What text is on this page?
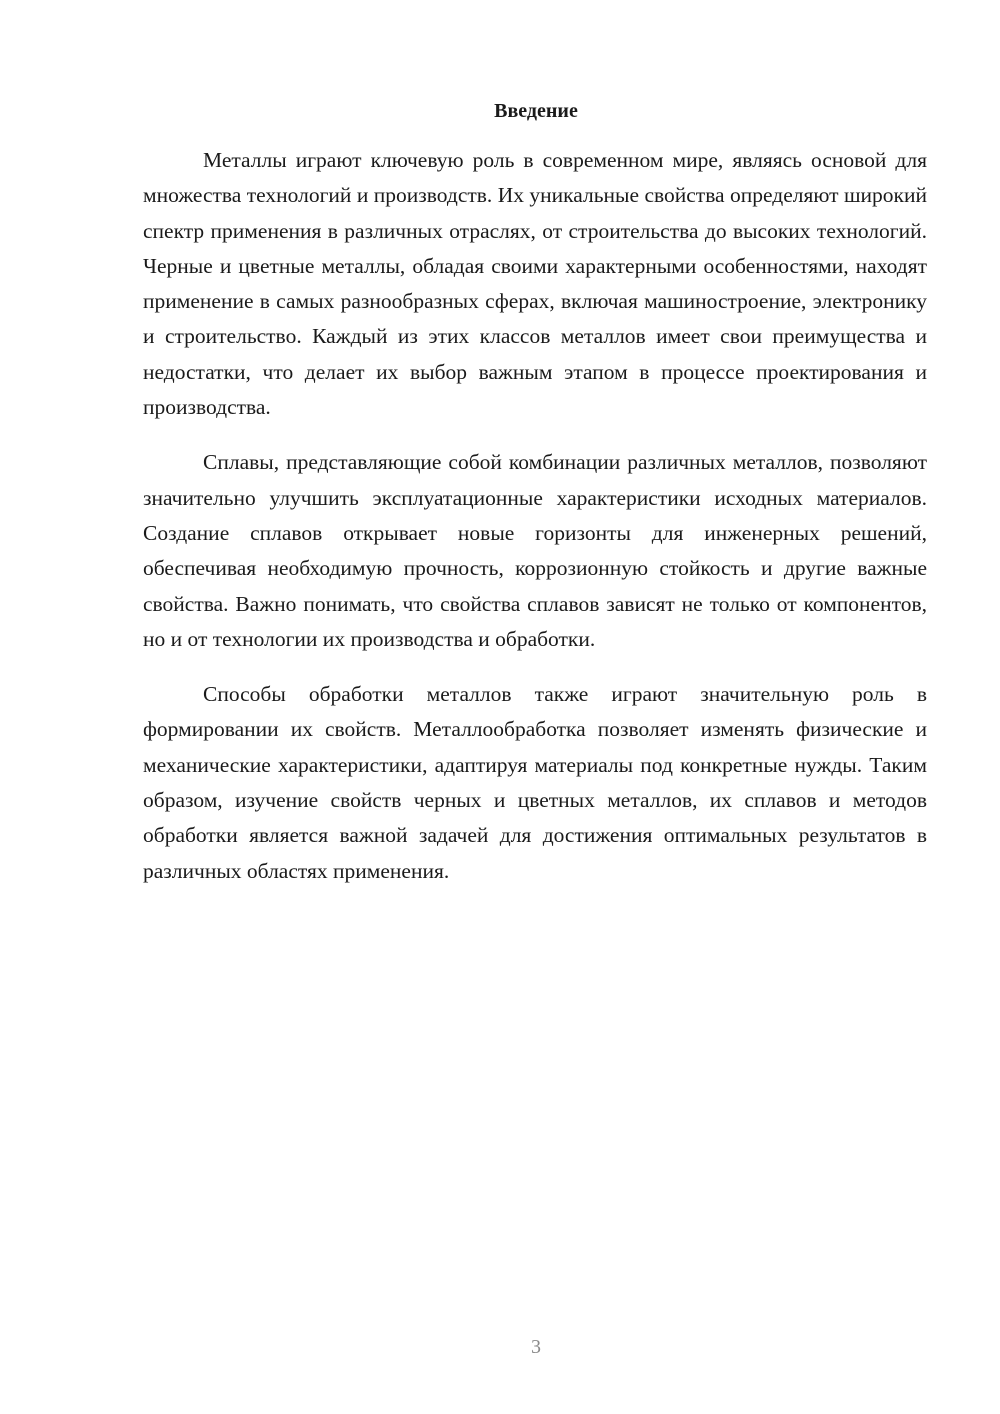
Введение

Металлы играют ключевую роль в современном мире, являясь основой для множества технологий и производств. Их уникальные свойства определяют широкий спектр применения в различных отраслях, от строительства до высоких технологий. Черные и цветные металлы, обладая своими характерными особенностями, находят применение в самых разнообразных сферах, включая машиностроение, электронику и строительство. Каждый из этих классов металлов имеет свои преимущества и недостатки, что делает их выбор важным этапом в процессе проектирования и производства.

Сплавы, представляющие собой комбинации различных металлов, позволяют значительно улучшить эксплуатационные характеристики исходных материалов. Создание сплавов открывает новые горизонты для инженерных решений, обеспечивая необходимую прочность, коррозионную стойкость и другие важные свойства. Важно понимать, что свойства сплавов зависят не только от компонентов, но и от технологии их производства и обработки.

Способы обработки металлов также играют значительную роль в формировании их свойств. Металлообработка позволяет изменять физические и механические характеристики, адаптируя материалы под конкретные нужды. Таким образом, изучение свойств черных и цветных металлов, их сплавов и методов обработки является важной задачей для достижения оптимальных результатов в различных областях применения.

3
